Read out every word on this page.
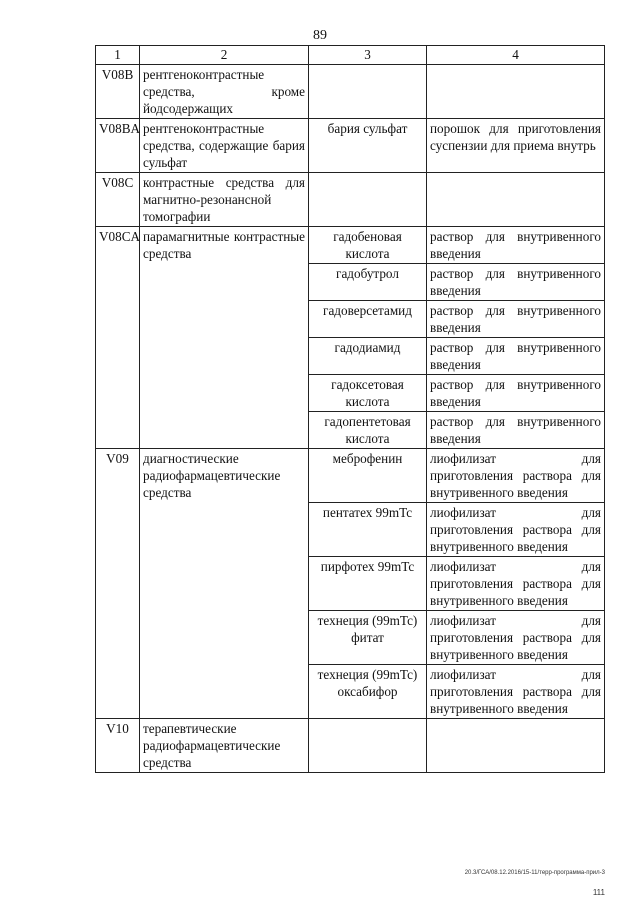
89
1	2	3	4
V08B	рентгеноконтрастные средства, кроме йодсодержащих		
V08BA	рентгеноконтрастные средства, содержащие бария сульфат	бария сульфат	порошок для приготовления суспензии для приема внутрь
V08C	контрастные средства для магнитно-резонансной томографии		
V08CA	парамагнитные контрастные средства	гадобеновая кислота	раствор для внутривенного введения
		гадобутрол	раствор для внутривенного введения
		гадоверсетамид	раствор для внутривенного введения
		гадодиамид	раствор для внутривенного введения
		гадоксетовая кислота	раствор для внутривенного введения
		гадопентетовая кислота	раствор для внутривенного введения
V09	диагностические радиофармацевтические средства	меброфенин	лиофилизат для приготовления раствора для внутривенного введения
		пентатех 99mTc	лиофилизат для приготовления раствора для внутривенного введения
		пирфотех 99mTc	лиофилизат для приготовления раствора для внутривенного введения
		технеция (99mTc) фитат	лиофилизат для приготовления раствора для внутривенного введения
		технеция (99mTc) оксабифор	лиофилизат для приготовления раствора для внутривенного введения
V10	терапевтические радиофармацевтические средства		
20.3/ГСА/08.12.2016/15-11/терр-программа-прил-3
111
